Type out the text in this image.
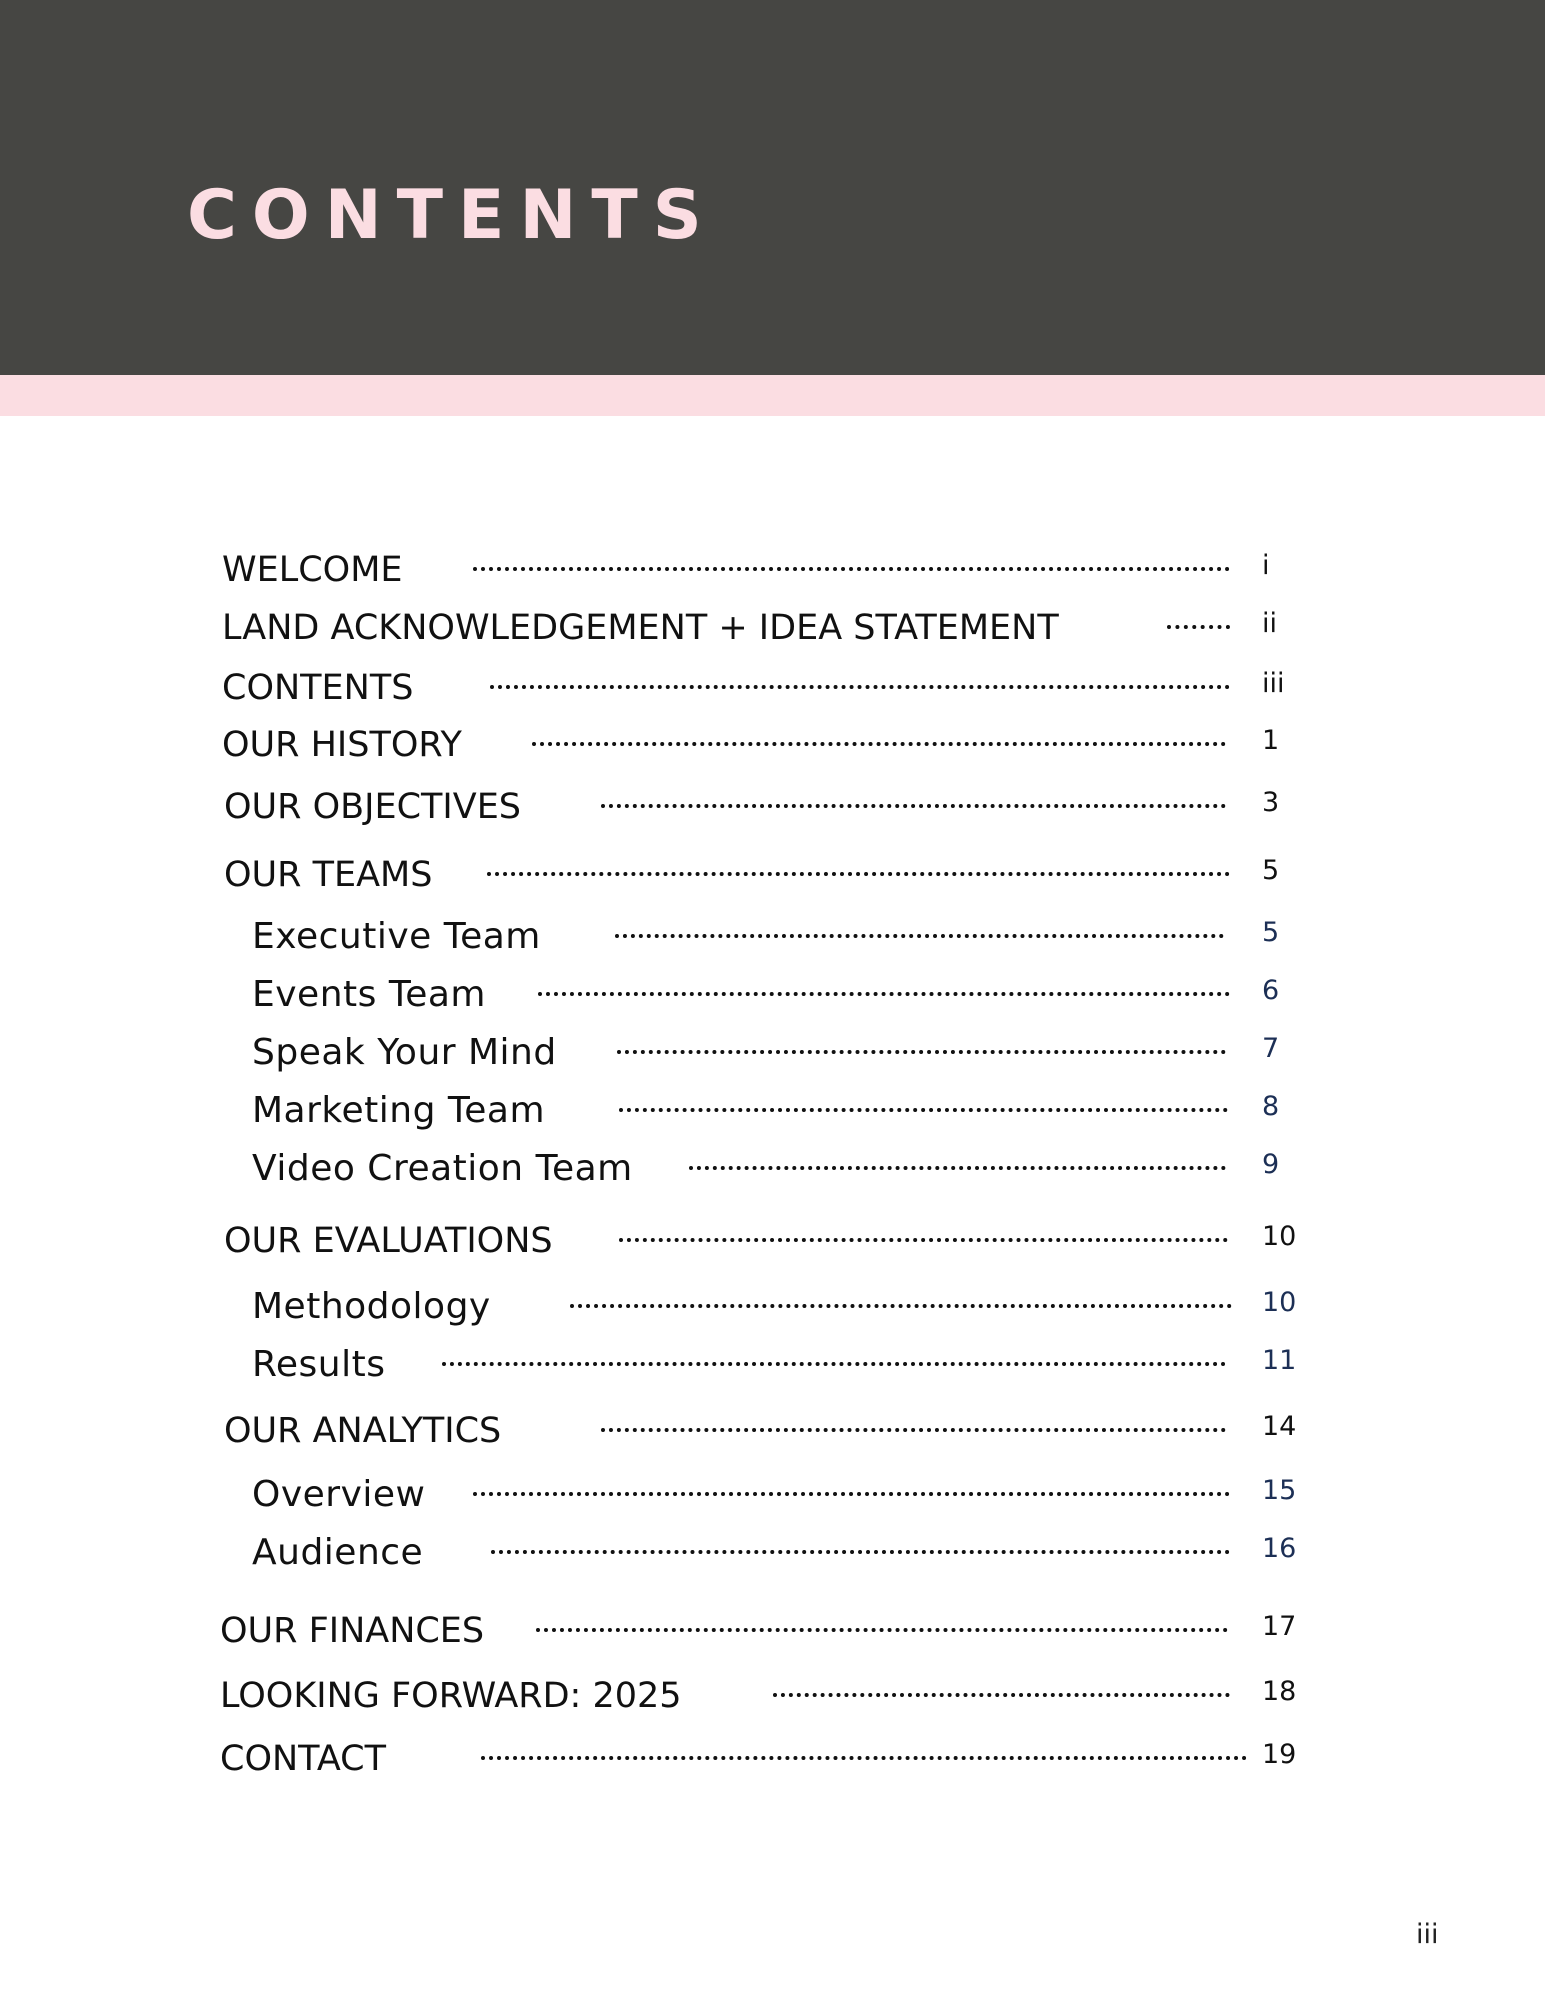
CONTENTS
WELCOME	i
LAND ACKNOWLEDGEMENT + IDEA STATEMENT	ii
CONTENTS	iii
OUR HISTORY	1
OUR OBJECTIVES	3
OUR TEAMS	5
Executive Team	5
Events Team	6
Speak Your Mind	7
Marketing Team	8
Video Creation Team	9
OUR EVALUATIONS	10
Methodology	10
Results	11
OUR ANALYTICS	14
Overview	15
Audience	16
OUR FINANCES	17
LOOKING FORWARD: 2025	18
CONTACT	19
iii
